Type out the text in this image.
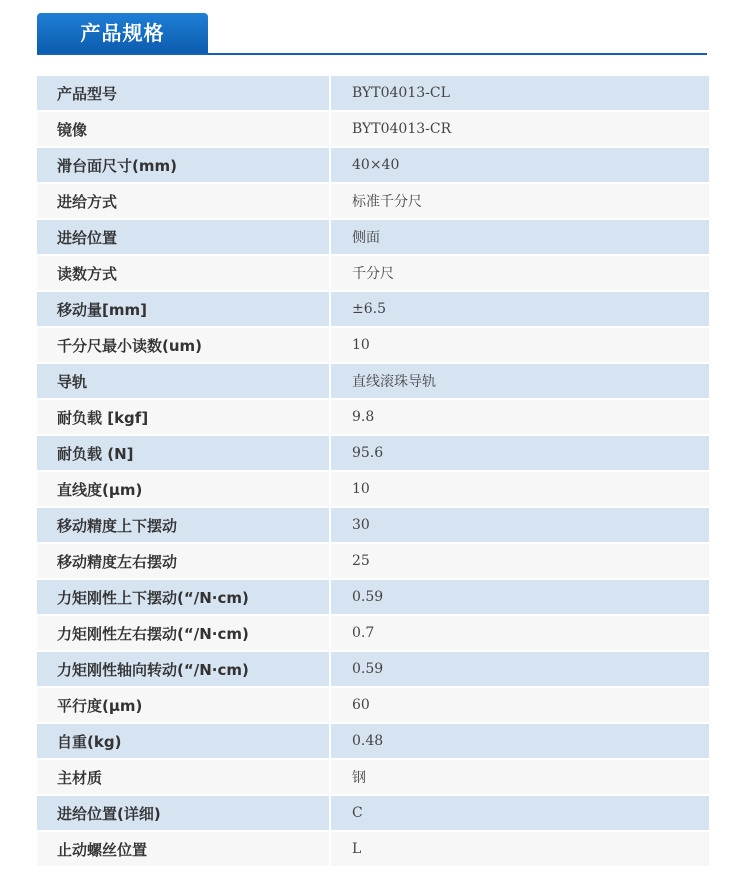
产品规格
产品型号	BYT04013-CL
镜像	BYT04013-CR
滑台面尺寸(mm)	40×40
进给方式	标准千分尺
进给位置	侧面
读数方式	千分尺
移动量[mm]	±6.5
千分尺最小读数(um)	10
导轨	直线滚珠导轨
耐负载 [kgf]	9.8
耐负载 (N]	95.6
直线度(μm)	10
移动精度上下摆动	30
移动精度左右摆动	25
力矩刚性上下摆动(“/N·cm)	0.59
力矩刚性左右摆动(“/N·cm)	0.7
力矩刚性轴向转动(“/N·cm)	0.59
平行度(μm)	60
自重(kg)	0.48
主材质	钢
进给位置(详细)	C
止动螺丝位置	L
